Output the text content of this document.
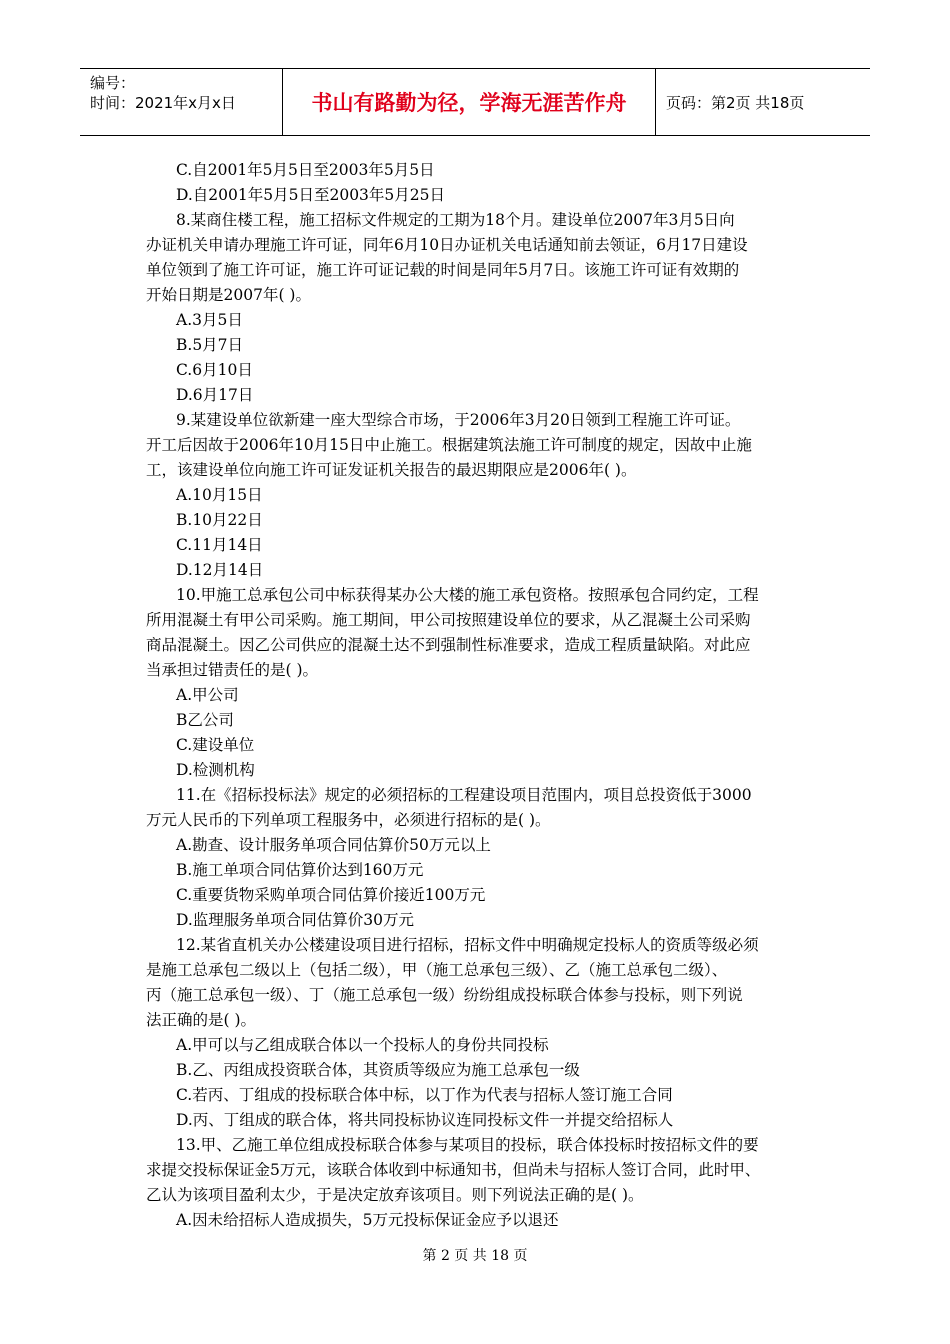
编号：
时间：2021年x月x日	书山有路勤为径，学海无涯苦作舟	页码：第2页 共18页
C.自2001年5月5日至2003年5月5日
D.自2001年5月5日至2003年5月25日
8.某商住楼工程，施工招标文件规定的工期为18个月。建设单位2007年3月5日向
办证机关申请办理施工许可证，同年6月10日办证机关电话通知前去领证，6月17日建设
单位领到了施工许可证，施工许可证记载的时间是同年5月7日。该施工许可证有效期的
开始日期是2007年( )。
A.3月5日
B.5月7日
C.6月10日
D.6月17日
9.某建设单位欲新建一座大型综合市场，于2006年3月20日领到工程施工许可证。
开工后因故于2006年10月15日中止施工。根据建筑法施工许可制度的规定，因故中止施
工，该建设单位向施工许可证发证机关报告的最迟期限应是2006年( )。
A.10月15日
B.10月22日
C.11月14日
D.12月14日
10.甲施工总承包公司中标获得某办公大楼的施工承包资格。按照承包合同约定，工程
所用混凝土有甲公司采购。施工期间，甲公司按照建设单位的要求，从乙混凝土公司采购
商品混凝土。因乙公司供应的混凝土达不到强制性标准要求，造成工程质量缺陷。对此应
当承担过错责任的是( )。
A.甲公司
B乙公司
C.建设单位
D.检测机构
11.在《招标投标法》规定的必须招标的工程建设项目范围内，项目总投资低于3000
万元人民币的下列单项工程服务中，必须进行招标的是( )。
A.勘查、设计服务单项合同估算价50万元以上
B.施工单项合同估算价达到160万元
C.重要货物采购单项合同估算价接近100万元
D.监理服务单项合同估算价30万元
12.某省直机关办公楼建设项目进行招标，招标文件中明确规定投标人的资质等级必须
是施工总承包二级以上（包括二级），甲（施工总承包三级）、乙（施工总承包二级）、
丙（施工总承包一级）、丁（施工总承包一级）纷纷组成投标联合体参与投标，则下列说
法正确的是( )。
A.甲可以与乙组成联合体以一个投标人的身份共同投标
B.乙、丙组成投资联合体，其资质等级应为施工总承包一级
C.若丙、丁组成的投标联合体中标，以丁作为代表与招标人签订施工合同
D.丙、丁组成的联合体，将共同投标协议连同投标文件一并提交给招标人
13.甲、乙施工单位组成投标联合体参与某项目的投标，联合体投标时按招标文件的要
求提交投标保证金5万元，该联合体收到中标通知书，但尚未与招标人签订合同，此时甲、
乙认为该项目盈利太少，于是决定放弃该项目。则下列说法正确的是( )。
A.因未给招标人造成损失，5万元投标保证金应予以退还
第 2 页 共 18 页
